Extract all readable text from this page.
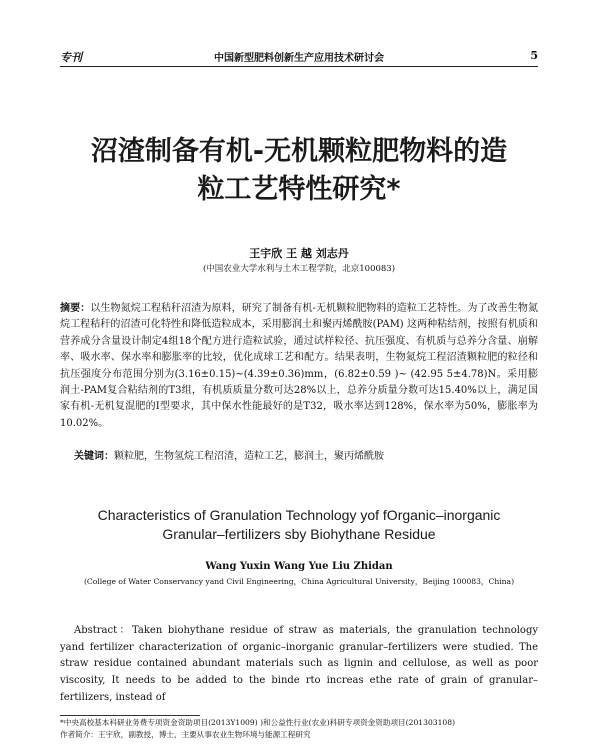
专刊	中国新型肥料创新生产应用技术研讨会	5
沼渣制备有机-无机颗粒肥物料的造
粒工艺特性研究*
王宇欣 王 越 刘志丹
(中国农业大学水利与土木工程学院，北京100083)
摘要：以生物氮烷工程秸秆沼渣为原料，研究了制备有机-无机颗粒肥物料的造粒工艺特性。为了改善生物氮烷工程秸秆的沼渣可化特性和降低造粒成本，采用膨润土和聚丙烯酰胺(PAM) 这两种粘结剂，按照有机质和营养成分含量设计制定4组18个配方进行造粒试验，通过试样粒径、抗压强度、有机质与总养分含量、崩解率、吸水率、保水率和膨胀率的比较，优化成球工艺和配方。结果表明，生物氮烷工程沼渣颗粒肥的粒径和抗压强度分布范围分别为(3.16±0.15)~(4.39±0.36)mm，(6.82±0.59 )~ (42.95 5±4.78)N。采用膨润土-PAM复合粘结剂的T3组，有机质质量分数可达28%以上，总养分质量分数可达15.40%以上，满足国家有机-无机复混肥的Ⅰ型要求，其中保水性能最好的是T32，吸水率达到128%，保水率为50%，膨胀率为10.02%。
关键词：颗粒肥，生物氢烷工程沼渣，造粒工艺，膨润土，聚丙烯酰胺
Characteristics of Granulation Technology yof fOrganic–inorganic
Granular–fertilizers sby Biohythane Residue
Wang Yuxin Wang Yue Liu Zhidan
(College of Water Conservancy yand Civil Engineering，China Agricultural University，Beijing 100083，China)
Abstract：Taken biohythane residue of straw as materials, the granulation technology yand fertilizer characterization of organic–inorganic granular–fertilizers were studied. The straw residue contained abundant materials such as lignin and cellulose, as well as poor viscosity, It needs to be added to the binde rto increas ethe rate of grain of granular–fertilizers, instead of
*中央高校基本科研业务费专项资金资助项目(2013Y1009) )和公益性行业(农业)科研专项资金资助项目(201303108)
作者简介：王宇欣，副教授，博士，主要从事农业生物环境与能源工程研究
